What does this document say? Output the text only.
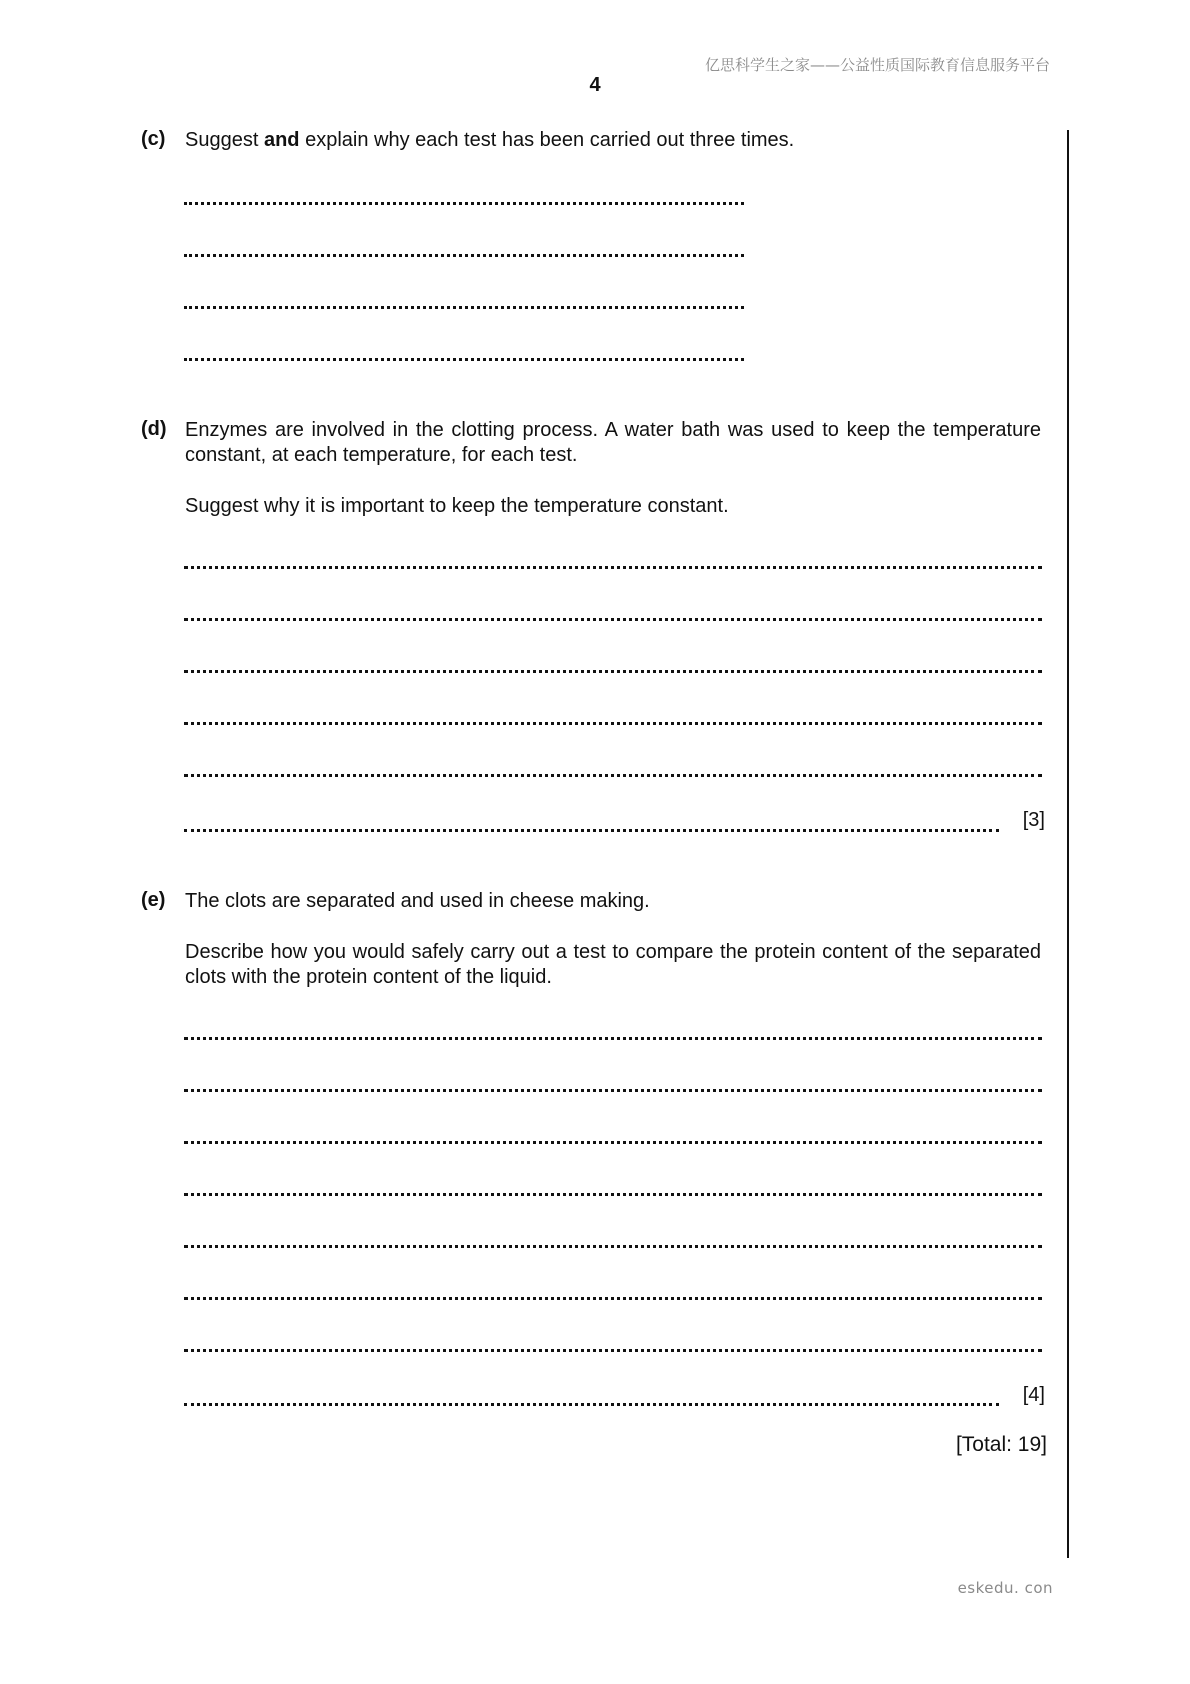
亿思科学生之家——公益性质国际教育信息服务平台
4
(c) Suggest and explain why each test has been carried out three times.
(d) Enzymes are involved in the clotting process. A water bath was used to keep the temperature constant, at each temperature, for each test.
Suggest why it is important to keep the temperature constant.
[3]
(e) The clots are separated and used in cheese making.
Describe how you would safely carry out a test to compare the protein content of the separated clots with the protein content of the liquid.
[4]
[Total: 19]
eskedu. con
